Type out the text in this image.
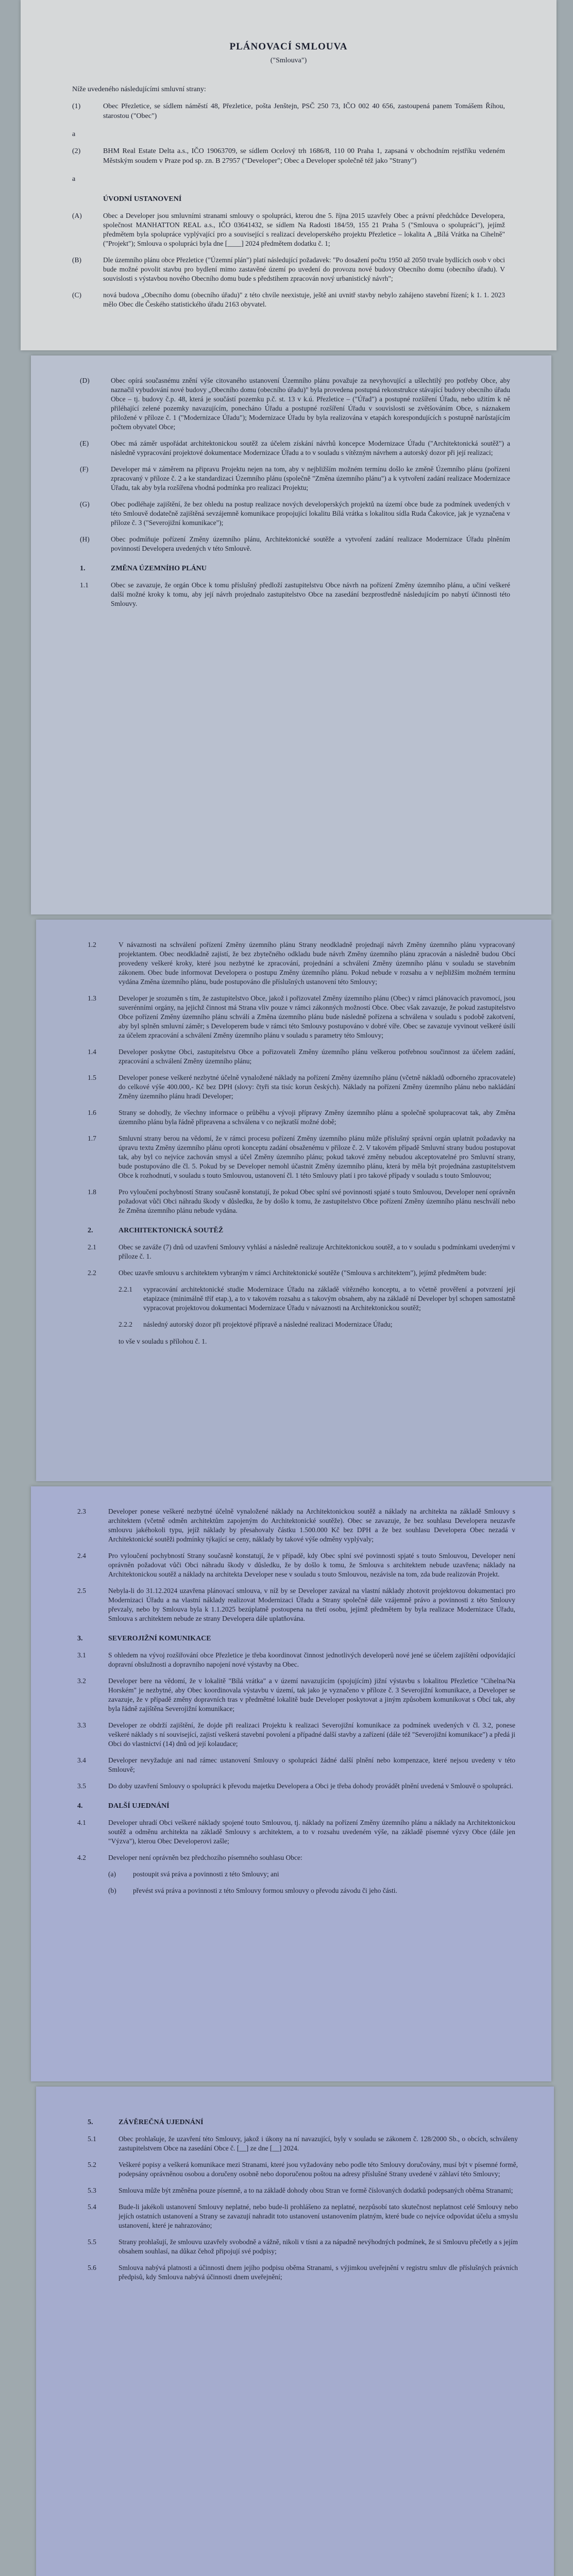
PLÁNOVACÍ SMLOUVA
("Smlouva")

Níže uvedeného následujícími smluvní strany:

(1)	Obec Přezletice, se sídlem náměstí 48, Přezletice, pošta Jenštejn, PSČ 250 73, IČO 002 40 656, zastoupená panem Tomášem Říhou, starostou ("Obec")

a

(2)	BHM Real Estate Delta a.s., IČO 19063709, se sídlem Ocelový trh 1686/8, 110 00 Praha 1, zapsaná v obchodním rejstříku vedeném Městským soudem v Praze pod sp. zn. B 27957 ("Developer"; Obec a Developer společně též jako "Strany")

a

ÚVODNÍ USTANOVENÍ
(A)	Obec a Developer jsou smluvními stranami smlouvy o spolupráci, kterou dne 5. října 2015 uzavřely Obec a právní předchůdce Developera, společnost MANHATTON REAL a.s., IČO 03641432, se sídlem Na Radosti 184/59, 155 21 Praha 5 ("Smlouva o spolupráci"), jejímž předmětem byla spolupráce vyplývající pro a související s realizací developerského projektu Přezletice – lokalita A „Bílá Vrátka na Cihelně" ("Projekt"); Smlouva o spolupráci byla dne [____] 2024 předmětem dodatku č. 1;
(B)	Dle územního plánu obce Přezletice ("Územní plán") platí následující požadavek: "Po dosažení počtu 1950 až 2050 trvale bydlících osob v obci bude možné povolit stavbu pro bydlení mimo zastavěné území po uvedení do provozu nové budovy Obecního domu (obecního úřadu). V souvislosti s výstavbou nového Obecního domu bude s předstihem zpracován nový urbanistický návrh";
(C)	nová budova „Obecního domu (obecního úřadu)" z této chvíle neexistuje, ještě ani uvnitř stavby nebylo zahájeno stavební řízení; k 1. 1. 2023 mělo Obec dle Českého statistického úřadu 2163 obyvatel.
(D)	Obec opírá současnému znění výše citovaného ustanovení Územního plánu považuje za nevyhovující a ušlechtilý pro potřeby Obce, aby naznačil vybudování nové budovy „Obecního domu (obecního úřadu)" byla provedena postupná rekonstrukce stávající budovy obecního úřadu Obce – tj. budovy č.p. 48, která je součástí pozemku p.č. st. 13 v k.ú. Přezletice – ("Úřad") a postupné rozšíření Úřadu, nebo užitím k ně přiléhající zelené pozemky navazujícím, ponecháno Úřadu a postupné rozšíření Úřadu v souvislosti se zvětšováním Obce, s náznakem přiložené v příloze č. 1 ("Modernizace Úřadu"); Modernizace Úřadu by byla realizována v etapách korespondujících s postupně narůstajícím počtem obyvatel Obce;
(E)	Obec má záměr uspořádat architektonickou soutěž za účelem získání návrhů koncepce Modernizace Úřadu ("Architektonická soutěž") a následně vypracování projektové dokumentace Modernizace Úřadu a to v souladu s vítězným návrhem a autorský dozor při její realizaci;
(F)	Developer má v záměrem na připravu Projektu nejen na tom, aby v nejbližším možném termínu došlo ke změně Územního plánu (pořízeni zpracovaný v příloze č. 2 a ke standardizaci Územního plánu (společně "Změna územního plánu") a k vytvoření zadání realizace Modernizace Úřadu, tak aby byla rozšířena vhodná podmínka pro realizaci Projektu;
(G)	Obec podléhaje zajištění, že bez ohledu na postup realizace nových developerských projektů na území obce bude za podmínek uvedených v této Smlouvě dodatečně zajištěná sevzájemně komunikace propojující lokalitu Bílá vrátka s lokalitou sídla Ruda Čakovice, jak je vyznačena v příloze č. 3 ("Severojižní komunikace");
(H)	Obec podmíňuje pořízení Změny územního plánu, Architektonické soutěže a vytvoření zadání realizace Modernizace Úřadu plněním povinností Developera uvedených v této Smlouvě.
1.	ZMĚNA ÚZEMNÍHO PLÁNU
1.1	Obec se zavazuje, že orgán Obce k tomu příslušný předloží zastupitelstvu Obce návrh na pořízení Změny územního plánu, a učiní veškeré další možné kroky k tomu, aby její návrh projednalo zastupitelstvo Obce na zasedání bezprostředně následujícím po nabytí účinnosti této Smlouvy.
1.2	V návaznosti na schválení pořízení Změny územního plánu Strany neodkladně projednají návrh Změny územního plánu vypracovaný projektantem. Obec neodkladně zajistí, že bez zbytečného odkladu bude návrh Změny územního plánu zpracován a následně budou Obcí provedeny veškeré kroky, které jsou nezbytné ke zpracování, projednání a schválení Změny územního plánu v souladu se stavebním zákonem. Obec bude informovat Developera o postupu Změny územního plánu. Pokud nebude v rozsahu a v nejbližším možném termínu vydána Změna územního plánu, bude postupováno dle příslušných ustanovení této Smlouvy;
1.3	Developer je srozuměn s tím, že zastupitelstvo Obce, jakož i pořizovatel Změny územního plánu (Obec) v rámci plánovacích pravomocí, jsou suverénními orgány, na jejichž činnost má Strana vliv pouze v rámci zákonných možností Obce. Obec však zavazuje, že pokud zastupitelstvo Obce pořízení Změny územního plánu schválí a Změna územního plánu bude následně pořízena a schválena v souladu s podobě zakotvení, aby byl splněn smluvní záměr; s Developerem bude v rámci této Smlouvy postupováno v dobré víře. Obec se zavazuje vyvinout veškeré úsilí za účelem zpracování a schválení Změny územního plánu v souladu s parametry této Smlouvy;
1.4	Developer poskytne Obci, zastupitelstvu Obce a pořizovateli Změny územního plánu veškerou potřebnou součinnost za účelem zadání, zpracování a schválení Změny územního plánu;
1.5	Developer ponese veškeré nezbytné účelně vynaložené náklady na pořízení Změny územního plánu (včetně nákladů odborného zpracovatele) do celkové výše 400.000,- Kč bez DPH (slovy: čtyři sta tisíc korun českých). Náklady na pořízení Změny územního plánu nebo nakládání Změny územního plánu hradí Developer;
1.6	Strany se dohodly, že všechny informace o průběhu a vývoji přípravy Změny územního plánu a společně spolupracovat tak, aby Změna územního plánu byla řádně připravena a schválena v co nejkratší možné době;
1.7	Smluvní strany berou na vědomí, že v rámci procesu pořízení Změny územního plánu může příslušný správní orgán uplatnit požadavky na úpravu textu Změny územního plánu oproti konceptu zadání obsaženému v příloze č. 2. V takovém případě Smluvní strany budou postupovat tak, aby byl co nejvíce zachován smysl a účel Změny územního plánu; pokud takové změny nebudou akceptovatelné pro Smluvní strany, bude postupováno dle čl. 5. Pokud by se Developer nemohl účastnit Změny územního plánu, která by měla být projednána zastupitelstvem Obce k rozhodnutí, v souladu s touto Smlouvou, ustanovení čl. 1 této Smlouvy platí i pro takové případy v souladu s touto Smlouvou;
1.8	Pro vyloučení pochybností Strany současně konstatují, že pokud Obec splní své povinnosti spjaté s touto Smlouvou, Developer není oprávněn požadovat vůči Obci náhradu škody v důsledku, že by došlo k tomu, že zastupitelstvo Obce pořízení Změny územního plánu neschválí nebo že Změna územního plánu nebude vydána.
2.	ARCHITEKTONICKÁ SOUTĚŽ
2.1	Obec se zaváže (7) dnů od uzavření Smlouvy vyhlásí a následně realizuje Architektonickou soutěž, a to v souladu s podmínkami uvedenými v příloze č. 1.
2.2	Obec uzavře smlouvu s architektem vybraným v rámci Architektonické soutěže ("Smlouva s architektem"), jejímž předmětem bude:
2.2.1	vypracování architektonické studie Modernizace Úřadu na základě vítězného konceptu, a to včetně prověření a potvrzení její etapizace (minimálně tříf etap.), a to v takovém rozsahu a s takovým obsahem, aby na základě ní Developer byl schopen samostatně vypracovat projektovou dokumentaci Modernizace Úřadu v návaznosti na Architektonickou soutěž;
2.2.2	následný autorský dozor při projektové přípravě a následné realizaci Modernizace Úřadu;

to vše v souladu s přílohou č. 1.

2.3	Developer ponese veškeré nezbytné účelně vynaložené náklady na Architektonickou soutěž a náklady na architekta na základě Smlouvy s architektem (včetně odměn architektům zapojeným do Architektonické soutěže). Obec se zavazuje, že bez souhlasu Developera neuzavře smlouvu jakéhokoli typu, jejíž náklady by přesahovaly částku 1.500.000 Kč bez DPH a že bez souhlasu Developera Obec nezadá v Architektonické soutěži podmínky týkající se ceny, náklady by takové výše odměny vyplývaly;
2.4	Pro vyloučení pochybností Strany současně konstatují, že v případě, kdy Obec splní své povinnosti spjaté s touto Smlouvou, Developer není oprávněn požadovat vůči Obci náhradu škody v důsledku, že by došlo k tomu, že Smlouva s architektem nebude uzavřena; náklady na Architektonickou soutěž a náklady na architekta Developer nese v souladu s touto Smlouvou, nezávisle na tom, zda bude realizován Projekt.
2.5	Nebyla-li do 31.12.2024 uzavřena plánovací smlouva, v níž by se Developer zavázal na vlastní náklady zhotovit projektovou dokumentaci pro Modernizaci Úřadu a na vlastní náklady realizovat Modernizaci Úřadu a Strany společně dále vzájemně právo a povinnosti z této Smlouvy převzaly, nebo by Smlouva byla k 1.1.2025 bezúplatně postoupena na třetí osobu, jejímž předmětem by byla realizace Modernizace Úřadu, Smlouva s architektem nebude ze strany Developera dále uplatňována.
3.	SEVEROJIŽNÍ KOMUNIKACE
3.1	S ohledem na vývoj rozšiřování obce Přezletice je třeba koordinovat činnost jednotlivých developerů nové jené se účelem zajištění odpovídající dopravní obslužnosti a dopravního napojení nové výstavby na Obec.
3.2	Developer bere na vědomí, že v lokalitě "Bílá vrátka" a v území navazujícím (spojujícím) jižní výstavbu s lokalitou Přezletice "Cihelna/Na Horském" je nezbytné, aby Obec koordinovala výstavbu v území, tak jako je vyznačeno v příloze č. 3 Severojižní komunikace, a Developer se zavazuje, že v případě změny dopravních tras v předmětné lokalitě bude Developer poskytovat a jiným způsobem komunikovat s Obcí tak, aby byla řádně zajištěna Severojižní komunikace;
3.3	Developer ze obdrží zajištění, že dojde při realizaci Projektu k realizaci Severojižní komunikace za podmínek uvedených v čl. 3.2, ponese veškeré náklady s ní související, zajistí veškerá stavební povolení a případné další stavby a zařízení (dále též "Severojižní komunikace") a předá ji Obci do vlastnictví (14) dnů od její kolaudace;
3.4	Developer nevyžaduje ani nad rámec ustanovení Smlouvy o spolupráci žádné další plnění nebo kompenzace, které nejsou uvedeny v této Smlouvě;
3.5	Do doby uzavření Smlouvy o spolupráci k převodu majetku Developera a Obci je třeba dohody provádět plnění uvedená v Smlouvě o spolupráci.
4.	DALŠÍ UJEDNÁNÍ
4.1	Developer uhradí Obci veškeré náklady spojené touto Smlouvou, tj. náklady na pořízení Změny územního plánu a náklady na Architektonickou soutěž a odměnu architekta na základě Smlouvy s architektem, a to v rozsahu uvedeném výše, na základě písemné výzvy Obce (dále jen "Výzva"), kterou Obec Developerovi zašle;
4.2	Developer není oprávněn bez předchozího písemného souhlasu Obce:
(a)	postoupit svá práva a povinnosti z této Smlouvy; ani
(b)	převést svá práva a povinnosti z této Smlouvy formou smlouvy o převodu závodu či jeho části.
5.	ZÁVĚREČNÁ UJEDNÁNÍ
5.1	Obec prohlašuje, že uzavření této Smlouvy, jakož i úkony na ní navazující, byly v souladu se zákonem č. 128/2000 Sb., o obcích, schváleny zastupitelstvem Obce na zasedání Obce č. [__] ze dne [__] 2024.
5.2	Veškeré popisy a veškerá komunikace mezi Stranami, které jsou vyžadovány nebo podle této Smlouvy doručovány, musí být v písemné formě, podepsány oprávněnou osobou a doručeny osobně nebo doporučenou poštou na adresy příslušné Strany uvedené v záhlaví této Smlouvy;
5.3	Smlouva může být změněna pouze písemně, a to na základě dohody obou Stran ve formě číslovaných dodatků podepsaných oběma Stranami;
5.4	Bude-li jakékoli ustanovení Smlouvy neplatné, nebo bude-li prohlášeno za neplatné, nezpůsobí tato skutečnost neplatnost celé Smlouvy nebo jejích ostatních ustanovení a Strany se zavazují nahradit toto ustanovení ustanovením platným, které bude co nejvíce odpovídat účelu a smyslu ustanovení, které je nahrazováno;
5.5	Strany prohlašují, že smlouvu uzavřely svobodně a vážně, nikoli v tísni a za nápadně nevýhodných podmínek, že si Smlouvu přečetly a s jejím obsahem souhlasí, na důkaz čehož připojují své podpisy;
5.6	Smlouva nabývá platnosti a účinnosti dnem jejího podpisu oběma Stranami, s výjimkou uveřejnění v registru smluv dle příslušných právních předpisů, kdy Smlouva nabývá účinnosti dnem uveřejnění;
